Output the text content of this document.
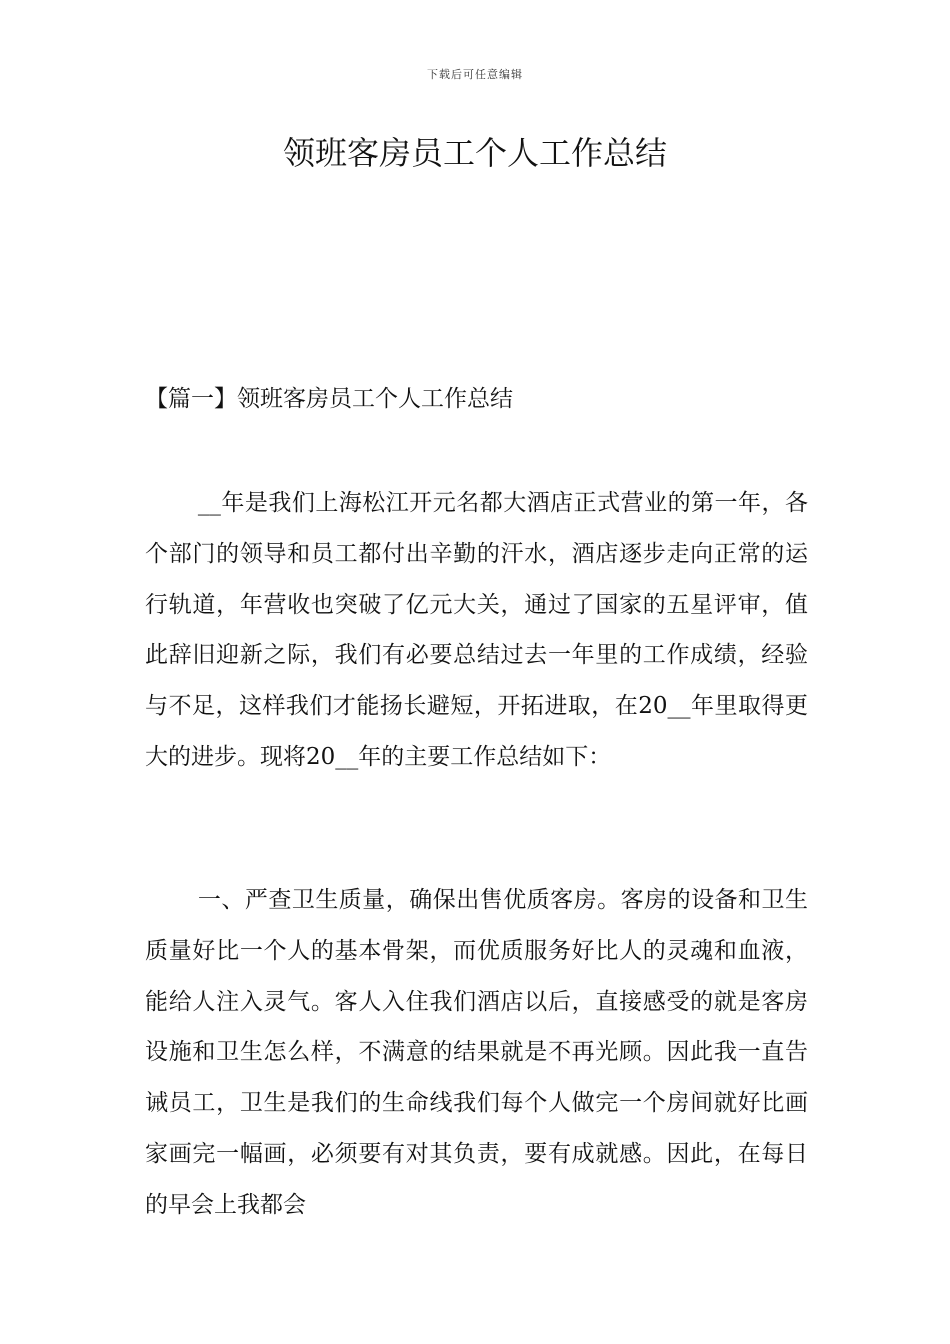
下载后可任意编辑
领班客房员工个人工作总结
【篇一】领班客房员工个人工作总结

__年是我们上海松江开元名都大酒店正式营业的第一年，各个部门的领导和员工都付出辛勤的汗水，酒店逐步走向正常的运行轨道，年营收也突破了亿元大关，通过了国家的五星评审，值此辞旧迎新之际，我们有必要总结过去一年里的工作成绩，经验与不足，这样我们才能扬长避短，开拓进取，在20__年里取得更大的进步。现将20__年的主要工作总结如下：

一、严查卫生质量，确保出售优质客房。客房的设备和卫生质量好比一个人的基本骨架，而优质服务好比人的灵魂和血液，能给人注入灵气。客人入住我们酒店以后，直接感受的就是客房设施和卫生怎么样，不满意的结果就是不再光顾。因此我一直告诫员工，卫生是我们的生命线我们每个人做完一个房间就好比画家画完一幅画，必须要有对其负责，要有成就感。因此，在每日的早会上我都会
